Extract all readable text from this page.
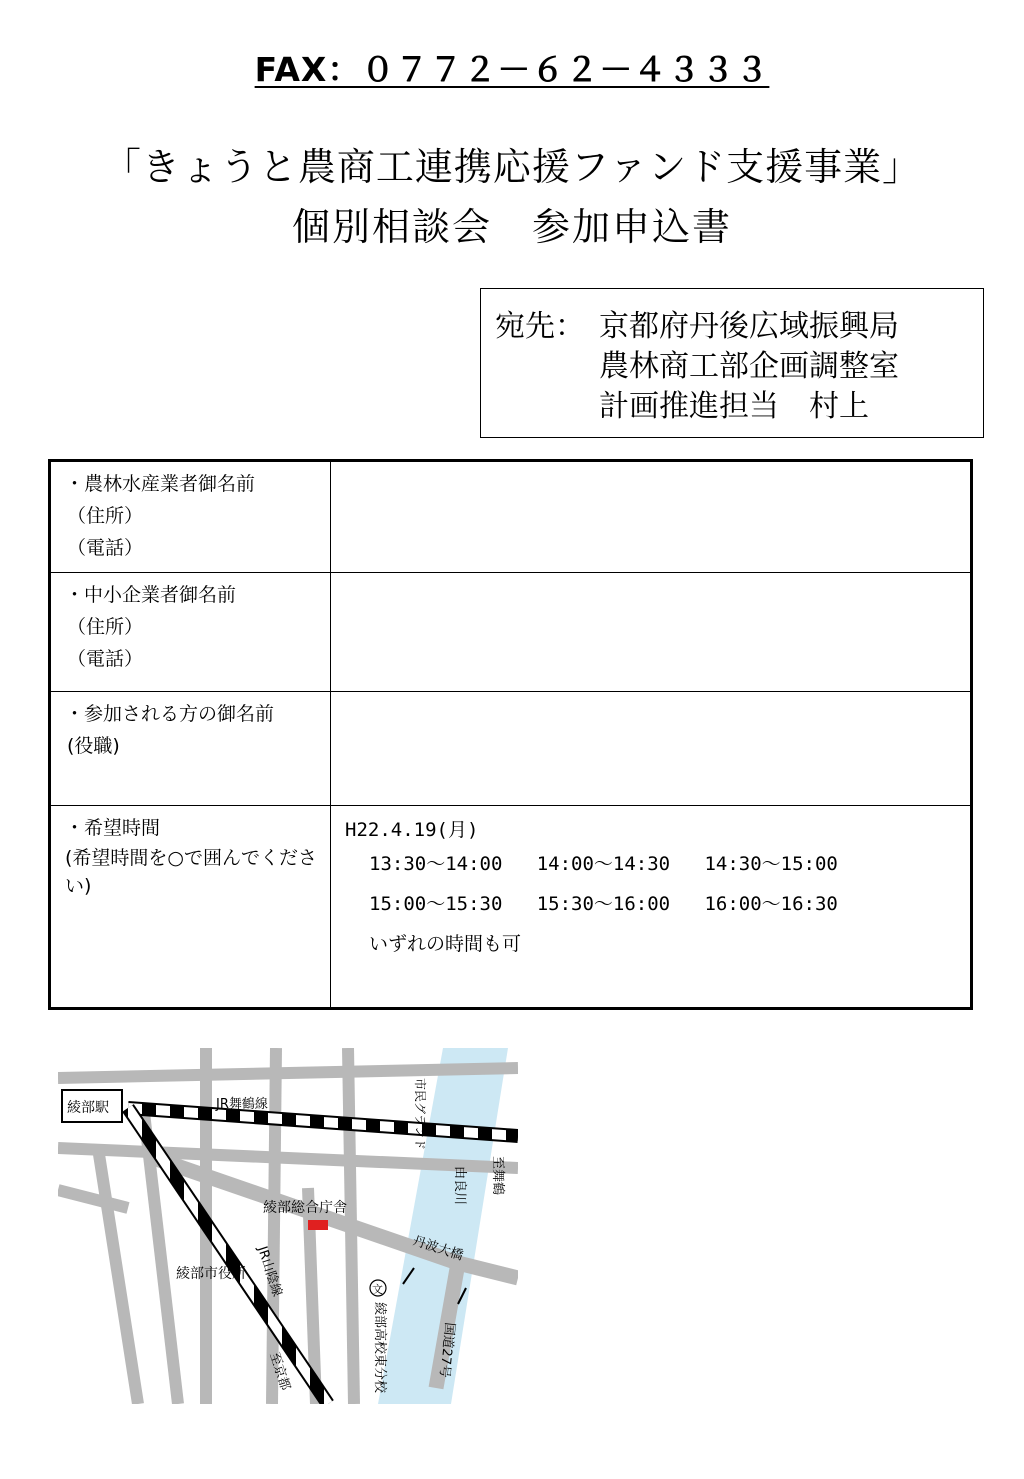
FAX：０７７２－６２－４３３３
「きょうと農商工連携応援ファンド支援事業」
個別相談会　参加申込書
宛先： 京都府丹後広域振興局
農林商工部企画調整室
計画推進担当　村上
・農林水産業者御名前
（住所）
（電話）
・中小企業者御名前
（住所）
（電話）
・参加される方の御名前
(役職)
・希望時間
(希望時間を○で囲んでください)
H22.4.19(月)
13:30～14:00 14:00～14:30 14:30～15:00
15:00～15:30 15:30～16:00 16:00～16:30
いずれの時間も可
綾部駅	JR舞鶴線
JR山陰線
市民グランド
綾部総合庁舎
綾部市役所
文
綾部高校東分校
由良川
丹波大橋
至舞鶴
至京都	国道27号
